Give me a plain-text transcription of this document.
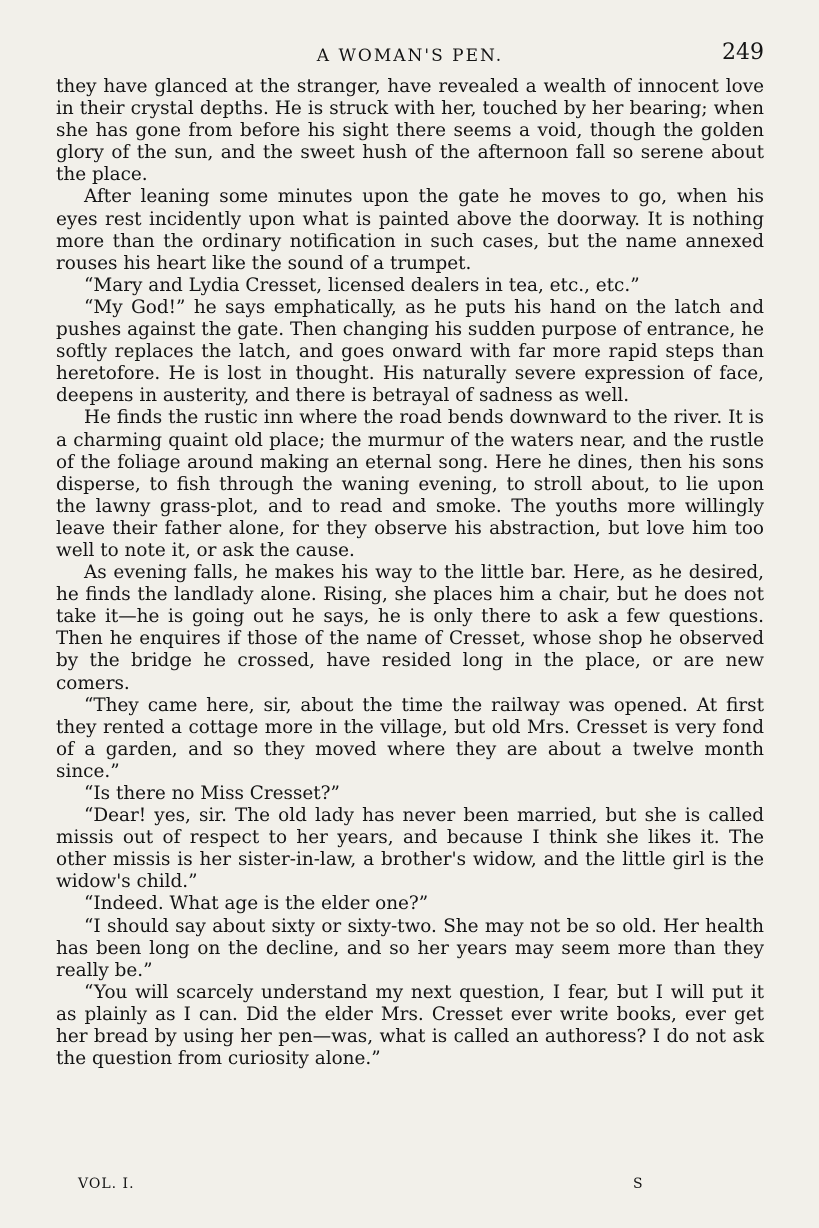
A WOMAN'S PEN.	249

they have glanced at the stranger, have revealed a wealth of innocent love in their crystal depths. He is struck with her, touched by her bearing; when she has gone from before his sight there seems a void, though the golden glory of the sun, and the sweet hush of the afternoon fall so serene about the place.

After leaning some minutes upon the gate he moves to go, when his eyes rest incidently upon what is painted above the doorway. It is nothing more than the ordinary notification in such cases, but the name annexed rouses his heart like the sound of a trumpet.

“Mary and Lydia Cresset, licensed dealers in tea, etc., etc.”

“My God!” he says emphatically, as he puts his hand on the latch and pushes against the gate. Then changing his sudden purpose of entrance, he softly replaces the latch, and goes onward with far more rapid steps than heretofore. He is lost in thought. His naturally severe expression of face, deepens in austerity, and there is betrayal of sadness as well.

He finds the rustic inn where the road bends downward to the river. It is a charming quaint old place; the murmur of the waters near, and the rustle of the foliage around making an eternal song. Here he dines, then his sons disperse, to fish through the waning evening, to stroll about, to lie upon the lawny grass-plot, and to read and smoke. The youths more willingly leave their father alone, for they observe his abstraction, but love him too well to note it, or ask the cause.

As evening falls, he makes his way to the little bar. Here, as he desired, he finds the landlady alone. Rising, she places him a chair, but he does not take it—he is going out he says, he is only there to ask a few questions. Then he enquires if those of the name of Cresset, whose shop he observed by the bridge he crossed, have resided long in the place, or are new comers.

“They came here, sir, about the time the railway was opened. At first they rented a cottage more in the village, but old Mrs. Cresset is very fond of a garden, and so they moved where they are about a twelve month since.”

“Is there no Miss Cresset?”

“Dear! yes, sir. The old lady has never been married, but she is called missis out of respect to her years, and because I think she likes it. The other missis is her sister-in-law, a brother's widow, and the little girl is the widow's child.”

“Indeed. What age is the elder one?”

“I should say about sixty or sixty-two. She may not be so old. Her health has been long on the decline, and so her years may seem more than they really be.”

“You will scarcely understand my next question, I fear, but I will put it as plainly as I can. Did the elder Mrs. Cresset ever write books, ever get her bread by using her pen—was, what is called an authoress? I do not ask the question from curiosity alone.”

VOL. I.	S
